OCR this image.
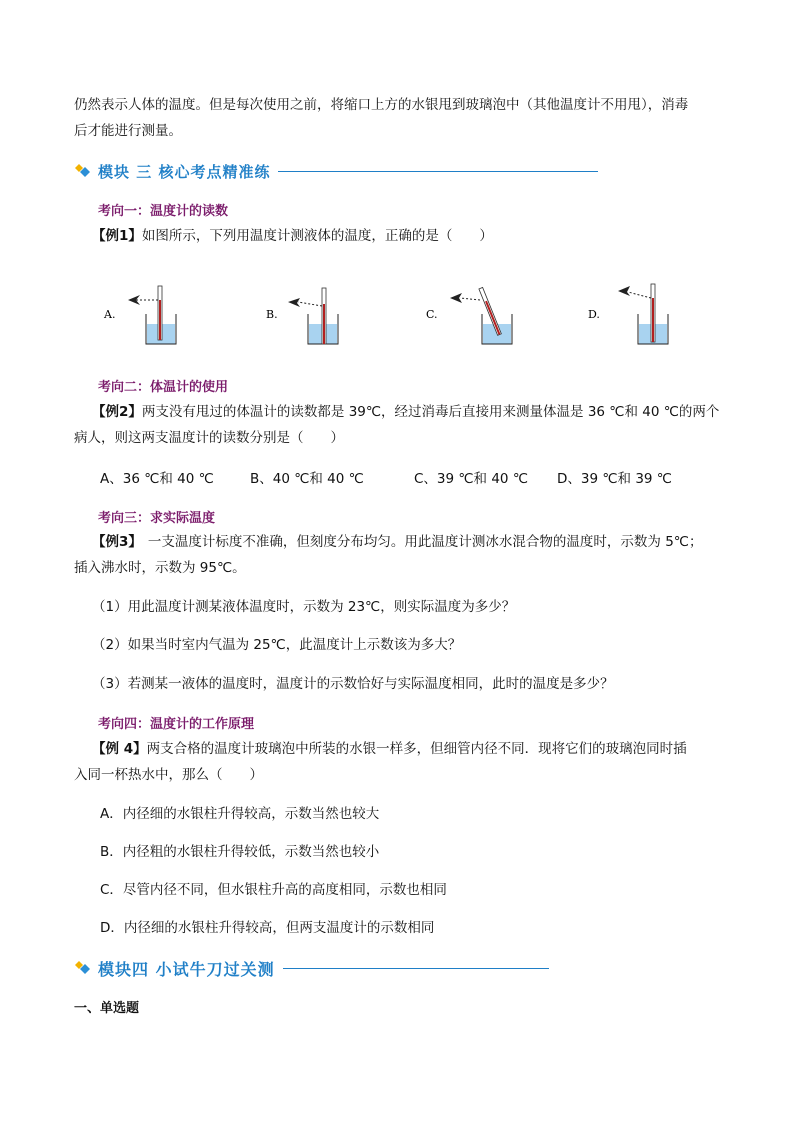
仍然表示人体的温度。但是每次使用之前，将缩口上方的水银甩到玻璃泡中（其他温度计不用甩），消毒
后才能进行测量。
模块 三 核心考点精准练
考向一：温度计的读数
【例1】如图所示，下列用温度计测液体的温度，正确的是（　　）
A.	B.	C.	D.
考向二：体温计的使用
【例2】两支没有甩过的体温计的读数都是 39℃，经过消毒后直接用来测量体温是 36 ℃和 40 ℃的两个
病人，则这两支温度计的读数分别是（　　）
A、36 ℃和 40 ℃	B、40 ℃和 40 ℃	C、39 ℃和 40 ℃ D、39 ℃和 39 ℃
考向三：求实际温度
【例3】 一支温度计标度不准确，但刻度分布均匀。用此温度计测冰水混合物的温度时，示数为 5℃；
插入沸水时，示数为 95℃。
（1）用此温度计测某液体温度时，示数为 23℃，则实际温度为多少？
（2）如果当时室内气温为 25℃，此温度计上示数该为多大？
（3）若测某一液体的温度时，温度计的示数恰好与实际温度相同，此时的温度是多少？
考向四：温度计的工作原理
【例 4】两支合格的温度计玻璃泡中所装的水银一样多，但细管内径不同．现将它们的玻璃泡同时插
入同一杯热水中，那么（　　）
A．内径细的水银柱升得较高，示数当然也较大
B．内径粗的水银柱升得较低，示数当然也较小
C．尽管内径不同，但水银柱升高的高度相同，示数也相同
D．内径细的水银柱升得较高，但两支温度计的示数相同
模块四 小试牛刀过关测
一、单选题
